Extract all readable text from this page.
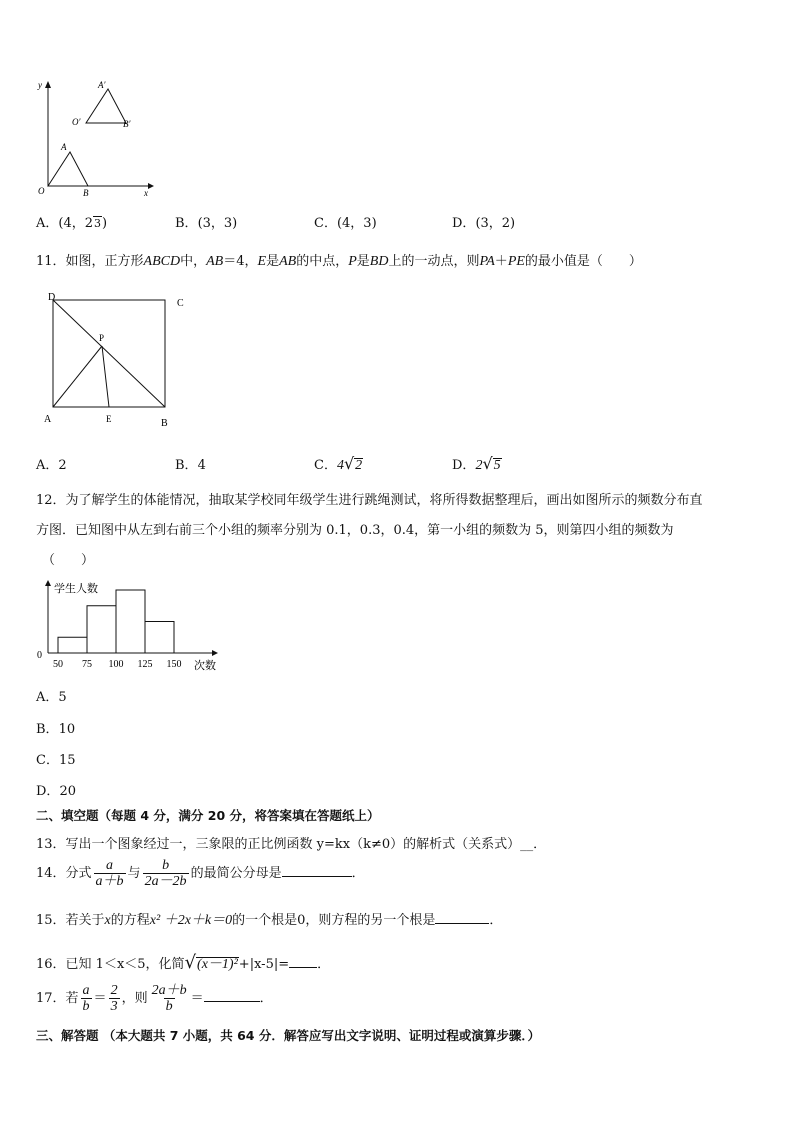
y
x
O
A
B
O′
A′
B′
A．(4，23)	B．(3，3)	C．(4，3)	D．(3，2)
11．如图，正方形ABCD中，AB＝4，E是AB的中点，P是BD上的一动点，则PA＋PE的最小值是（　　）
D
C
P
A	E	B
A．2	B．4	C．4√2	D．2√5
12．为了解学生的体能情况，抽取某学校同年级学生进行跳绳测试，将所得数据整理后，画出如图所示的频数分布直
方图．已知图中从左到右前三个小组的频率分别为 0.1，0.3，0.4，第一小组的频数为 5，则第四小组的频数为
（　　）
学生人数
0
50 75 100 125 150 次数
A．5
B．10
C．15
D．20
二、填空题（每题 4 分，满分 20 分，将答案填在答题纸上）
13．写出一个图象经过一，三象限的正比例函数 y=kx（k≠0）的解析式（关系式）__．
14．分式 $\frac{a}{a+b}$ 与 $\frac{b}{2a-2b}$ 的最简公分母是	．
15．若关于x的方程x² ＋2x＋k＝0的一个根是0，则方程的另一个根是	．
16．已知 1＜x＜5，化简√(x－1)²+|x-5|= ．
17．若 $\frac{a}{b} = \frac{2}{3}$ ，则 $\frac{2a+b}{b}$ ＝	．
三、解答题 （本大题共 7 小题，共 64 分．解答应写出文字说明、证明过程或演算步骤．）
